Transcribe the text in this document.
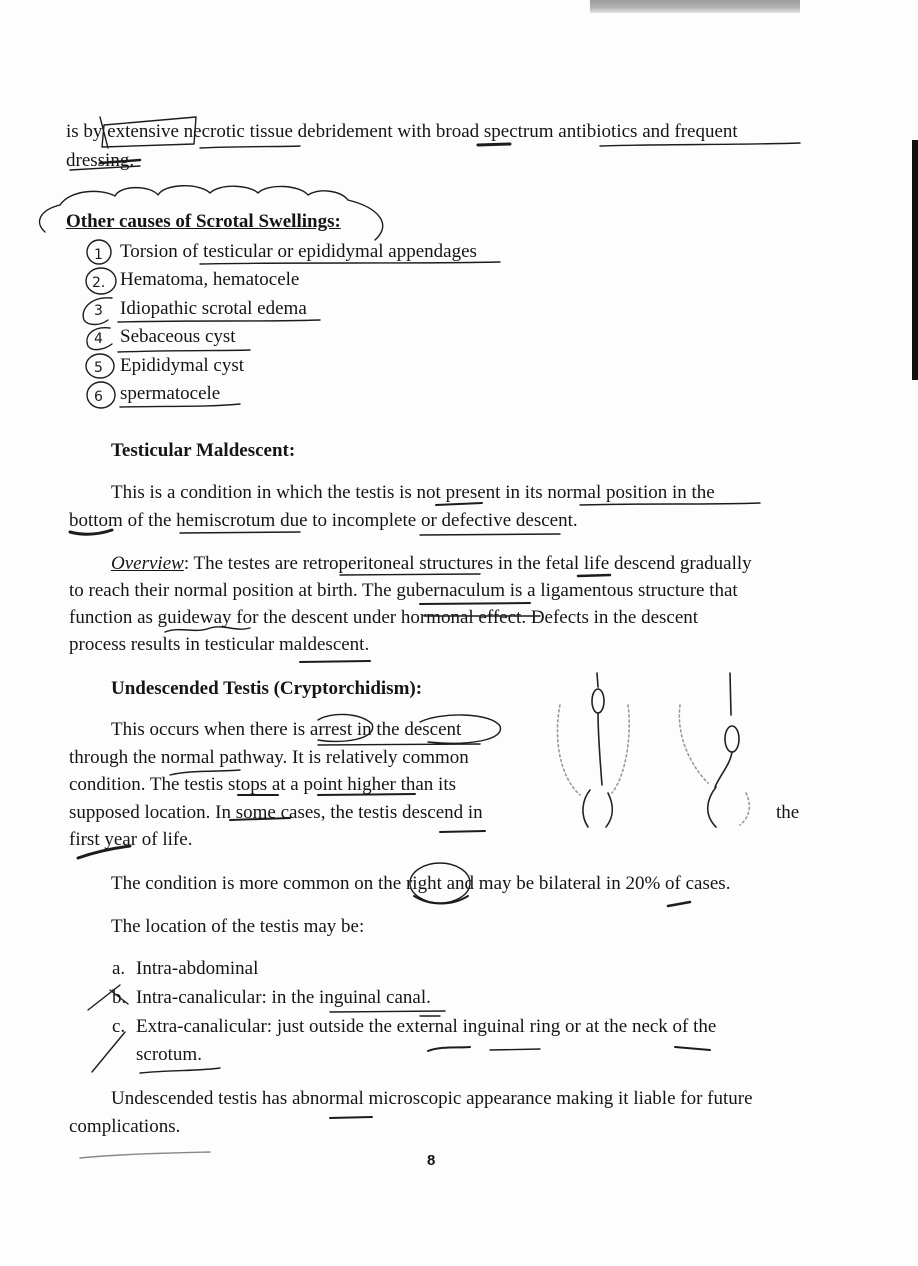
is by extensive necrotic tissue debridement with broad spectrum antibiotics and frequent
dressing.
Other causes of Scrotal Swellings:
Torsion of testicular or epididymal appendages
Hematoma, hematocele
Idiopathic scrotal edema
Sebaceous cyst
Epididymal cyst
spermatocele
Testicular Maldescent:
This is a condition in which the testis is not present in its normal position in the
bottom of the hemiscrotum due to incomplete or defective descent.
Overview: The testes are retroperitoneal structures in the fetal life descend gradually
to reach their normal position at birth. The gubernaculum is a ligamentous structure that
function as guideway for the descent under hormonal effect. Defects in the descent
process results in testicular maldescent.
Undescended Testis (Cryptorchidism):
This occurs when there is arrest in the descent
through the normal pathway. It is relatively common
condition. The testis stops at a point higher than its
supposed location. In some cases, the testis descend in	the
first year of life.
The condition is more common on the right and may be bilateral in 20% of cases.
The location of the testis may be:
a. Intra-abdominal
b. Intra-canalicular: in the inguinal canal.
c. Extra-canalicular: just outside the external inguinal ring or at the neck of the
scrotum.
Undescended testis has abnormal microscopic appearance making it liable for future
complications.
8
1
2.
3
4
5
6
